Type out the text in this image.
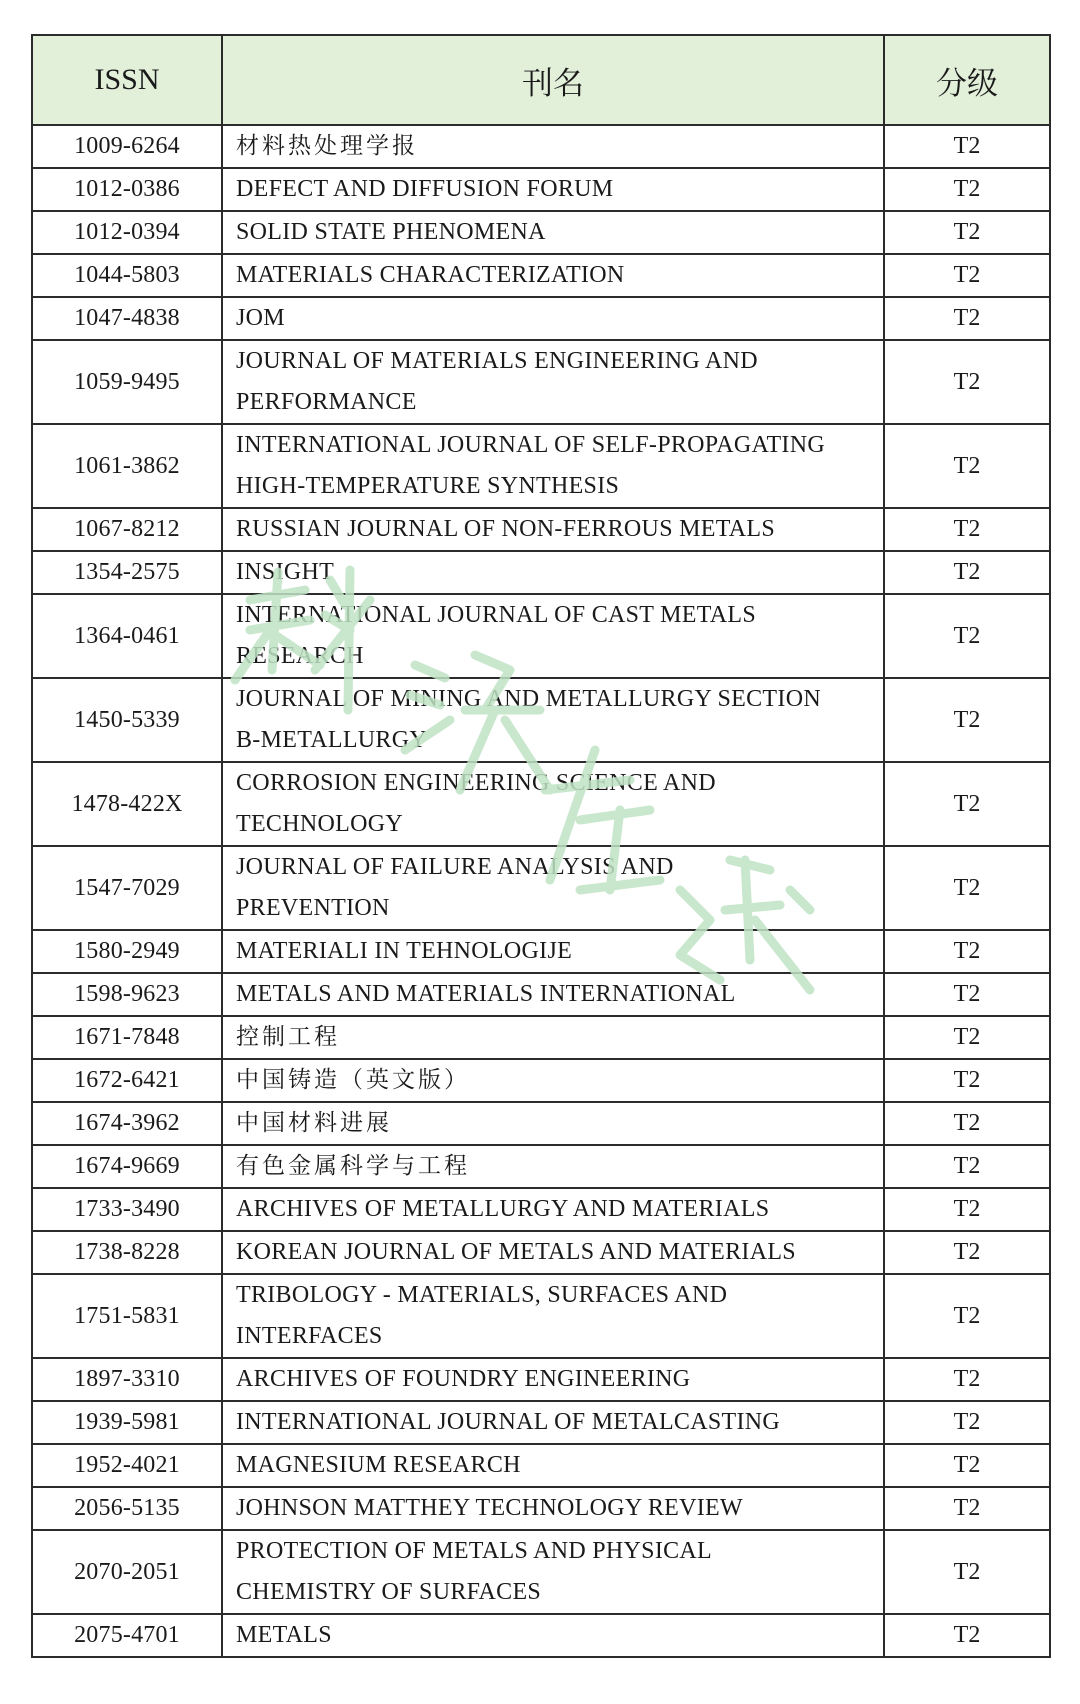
ISSN	刊名	分级
1009-6264	材料热处理学报	T2
1012-0386	DEFECT AND DIFFUSION FORUM	T2
1012-0394	SOLID STATE PHENOMENA	T2
1044-5803	MATERIALS CHARACTERIZATION	T2
1047-4838	JOM	T2
1059-9495	JOURNAL OF MATERIALS ENGINEERING AND
PERFORMANCE	T2
1061-3862	INTERNATIONAL JOURNAL OF SELF-PROPAGATING
HIGH-TEMPERATURE SYNTHESIS	T2
1067-8212	RUSSIAN JOURNAL OF NON-FERROUS METALS	T2
1354-2575	INSIGHT	T2
1364-0461	INTERNATIONAL JOURNAL OF CAST METALS
RESEARCH	T2
1450-5339	JOURNAL OF MINING AND METALLURGY SECTION
B-METALLURGY	T2
1478-422X	CORROSION ENGINEERING SCIENCE AND
TECHNOLOGY	T2
1547-7029	JOURNAL OF FAILURE ANALYSIS AND
PREVENTION	T2
1580-2949	MATERIALI IN TEHNOLOGIJE	T2
1598-9623	METALS AND MATERIALS INTERNATIONAL	T2
1671-7848	控制工程	T2
1672-6421	中国铸造（英文版）	T2
1674-3962	中国材料进展	T2
1674-9669	有色金属科学与工程	T2
1733-3490	ARCHIVES OF METALLURGY AND MATERIALS	T2
1738-8228	KOREAN JOURNAL OF METALS AND MATERIALS	T2
1751-5831	TRIBOLOGY - MATERIALS, SURFACES AND
INTERFACES	T2
1897-3310	ARCHIVES OF FOUNDRY ENGINEERING	T2
1939-5981	INTERNATIONAL JOURNAL OF METALCASTING	T2
1952-4021	MAGNESIUM RESEARCH	T2
2056-5135	JOHNSON MATTHEY TECHNOLOGY REVIEW	T2
2070-2051	PROTECTION OF METALS AND PHYSICAL
CHEMISTRY OF SURFACES	T2
2075-4701	METALS	T2
